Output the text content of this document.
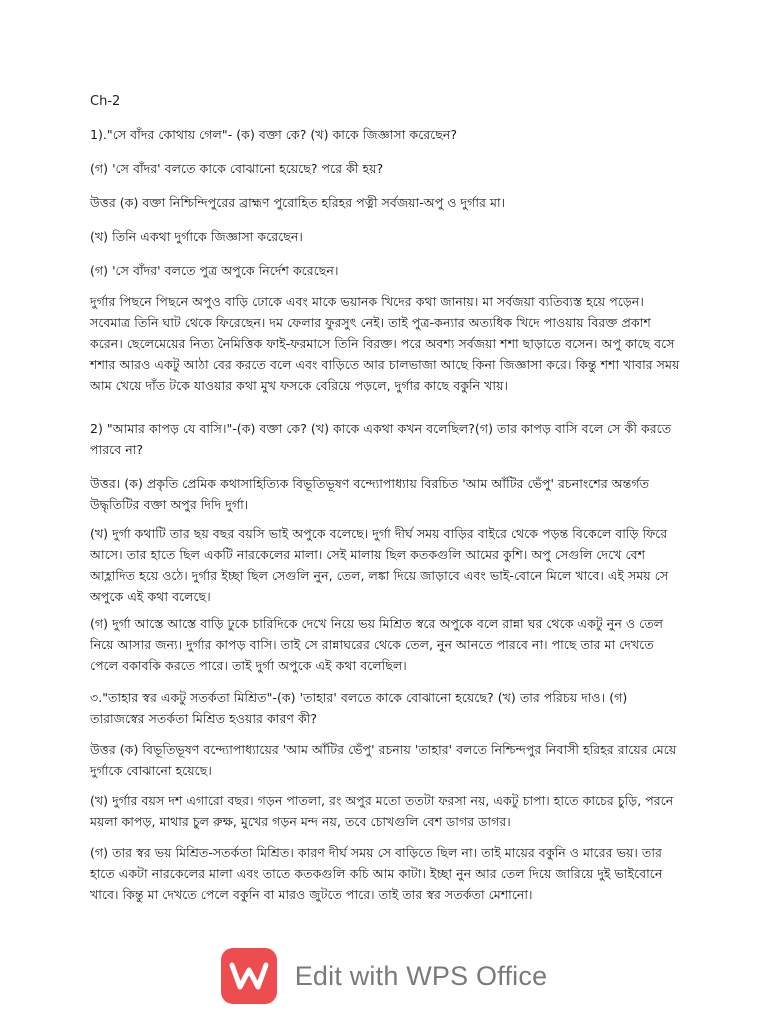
Ch-2
1)."সে বাঁদর কোথায় গেল"- (ক) বক্তা কে? (খ) কাকে জিজ্ঞাসা করেছেন?
(গ) 'সে বাঁদর' বলতে কাকে বোঝানো হয়েছে? পরে কী হয়?
উত্তর (ক) বক্তা নিশ্চিন্দিপুরের ব্রাহ্মণ পুরোহিত হরিহর পত্নী সর্বজয়া-অপু ও দুর্গার মা।
(খ) তিনি একথা দুর্গাকে জিজ্ঞাসা করেছেন।
(গ) 'সে বাঁদর' বলতে পুত্র অপুকে নির্দেশ করেছেন।
দুর্গার পিছনে পিছনে অপুও বাড়ি ঢোকে এবং মাকে ভয়ানক খিদের কথা জানায়। মা সর্বজয়া ব্যতিব্যস্ত হয়ে পড়েন। সবেমাত্র তিনি ঘাট থেকে ফিরেছেন। দম ফেলার ফুরসুৎ নেই। তাই পুত্র-কন্যার অত্যধিক খিদে পাওয়ায় বিরক্ত প্রকাশ করেন। ছেলেমেয়ের নিত্য নৈমিত্তিক ফাই-ফরমাসে তিনি বিরক্ত। পরে অবশ্য সর্বজয়া শশা ছাড়াতে বসেন। অপু কাছে বসে শশার আরও একটু আঠা বের করতে বলে এবং বাড়িতে আর চালভাজা আছে কিনা জিজ্ঞাসা করে। কিন্তু শশা খাবার সময় আম খেয়ে দাঁত টকে যাওয়ার কথা মুখ ফসকে বেরিয়ে পড়লে, দুর্গার কাছে বকুনি খায়।
2) "আমার কাপড় যে বাসি।"-(ক) বক্তা কে? (খ) কাকে একথা কখন বলেছিল?(গ) তার কাপড় বাসি বলে সে কী করতে পারবে না?
উত্তর। (ক) প্রকৃতি প্রেমিক কথাসাহিত্যিক বিভূতিভূষণ বন্দ্যোপাধ্যায় বিরচিত 'আম আঁটির ভেঁপু' রচনাংশের অন্তর্গত উদ্ধৃতিটির বক্তা অপুর দিদি দুর্গা।
(খ) দুর্গা কথাটি তার ছয় বছর বয়সি ভাই অপুকে বলেছে। দুর্গা দীর্ঘ সময় বাড়ির বাইরে থেকে পড়ন্ত বিকেলে বাড়ি ফিরে আসে। তার হাতে ছিল একটি নারকেলের মালা। সেই মালায় ছিল কতকগুলি আমের কুশি। অপু সেগুলি দেখে বেশ আহ্লাদিত হয়ে ওঠে। দুর্গার ইচ্ছা ছিল সেগুলি নুন, তেল, লঙ্কা দিয়ে জাড়াবে এবং ভাই-বোনে মিলে খাবে। এই সময় সে অপুকে এই কথা বলেছে।
(গ) দুর্গা আস্তে আস্তে বাড়ি ঢুকে চারিদিকে দেখে নিয়ে ভয় মিশ্রিত স্বরে অপুকে বলে রান্না ঘর থেকে একটু নুন ও তেল নিয়ে আসার জন্য। দুর্গার কাপড় বাসি। তাই সে রান্নাঘরের থেকে তেল, নুন আনতে পারবে না। পাছে তার মা দেখতে পেলে বকাবকি করতে পারে। তাই দুর্গা অপুকে এই কথা বলেছিল।
৩."তাহার স্বর একটু সতর্কতা মিশ্রিত"-(ক) 'তাহার' বলতে কাকে বোঝানো হয়েছে? (খ) তার পরিচয় দাও। (গ) তারাজস্বের সতর্কতা মিশ্রিত হওয়ার কারণ কী?
উত্তর (ক) বিভূতিভূষণ বন্দ্যোপাধ্যায়ের 'আম আঁটির ভেঁপু' রচনায় 'তাহার' বলতে নিশ্চিন্দপুর নিবাসী হরিহর রায়ের মেয়ে দুর্গাকে বোঝানো হয়েছে।
(খ) দুর্গার বয়স দশ এগারো বছর। গড়ন পাতলা, রং অপুর মতো ততটা ফরসা নয়, একটু চাপা। হাতে কাচের চুড়ি, পরনে ময়লা কাপড়, মাথার চুল রুক্ষ, মুখের গড়ন মন্দ নয়, তবে চোখগুলি বেশ ডাগর ডাগর।
(গ) তার স্বর ভয় মিশ্রিত-সতর্কতা মিশ্রিত। কারণ দীর্ঘ সময় সে বাড়িতে ছিল না। তাই মায়ের বকুনি ও মারের ভয়। তার হাতে একটা নারকেলের মালা এবং তাতে কতকগুলি কচি আম কাটা। ইচ্ছা নুন আর তেল দিয়ে জারিয়ে দুই ভাইবোনে খাবে। কিন্তু মা দেখতে পেলে বকুনি বা মারও জুটতে পারে। তাই তার স্বর সতর্কতা মেশানো।
Edit with WPS Office
